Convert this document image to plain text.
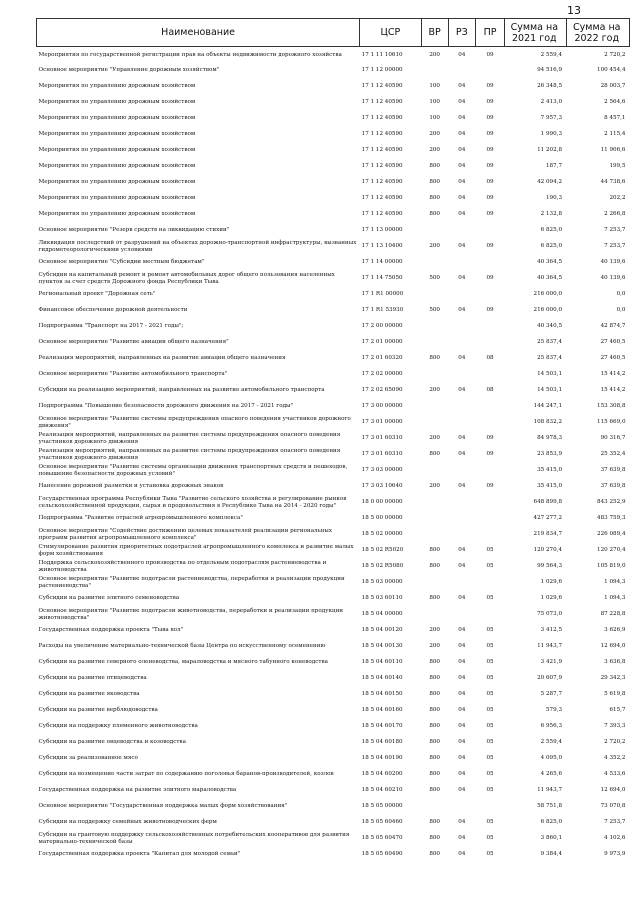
13
Наименование	ЦСР	ВР	РЗ	ПР	Сумма на 2021 год	Сумма на 2022 год
Мероприятия по государственной регистрации прав на объекты недвижимости дорожного хозяйства	17 1 11 10610	200	04	09	2 559,4	2 720,2
Основное мероприятие "Управление дорожным хозяйством"	17 1 12 00000				94 516,9	100 454,4
Мероприятия по управлению дорожным хозяйством	17 1 12 40590	100	04	09	26 348,5	28 003,7
Мероприятия по управлению дорожным хозяйством	17 1 12 40590	100	04	09	2 413,0	2 564,6
Мероприятия по управлению дорожным хозяйством	17 1 12 40590	100	04	09	7 957,3	8 457,1
Мероприятия по управлению дорожным хозяйством	17 1 12 40590	200	04	09	1 990,3	2 115,4
Мероприятия по управлению дорожным хозяйством	17 1 12 40590	200	04	09	11 202,8	11 906,6
Мероприятия по управлению дорожным хозяйством	17 1 12 40590	800	04	09	187,7	199,5
Мероприятия по управлению дорожным хозяйством	17 1 12 40590	800	04	09	42 094,2	44 738,6
Мероприятия по управлению дорожным хозяйством	17 1 12 40590	800	04	09	190,3	202,2
Мероприятия по управлению дорожным хозяйством	17 1 12 40590	800	04	09	2 132,8	2 266,8
Основное мероприятие "Резерв средств на ликвидацию стихии"	17 1 13 00000				6 825,0	7 253,7
Ликвидация последствий от разрушений на объектах дорожно-транспортной инфраструктуры, вызванных гидрометеорологическими условиями	17 1 13 10400	200	04	09	6 825,0	7 253,7
Основное мероприятие "Субсидии местным бюджетам"	17 1 14 00000				40 364,5	40 139,6
Субсидии на капитальный ремонт и ремонт автомобильных дорог общего пользования населенных пунктов за счет средств Дорожного фонда Республики Тыва	17 1 14 75050	500	04	09	40 364,5	40 139,6
Региональный проект "Дорожная сеть"	17 1 R1 00000				216 000,0	0,0
Финансовое обеспечение дорожной деятельности	17 1 R1 53930	500	04	09	216 000,0	0,0
Подпрограмма "Транспорт на 2017 - 2021 годы";	17 2 00 00000				40 340,5	42 874,7
Основное мероприятие "Развитие авиации общего назначения"	17 2 01 00000				25 837,4	27 460,5
Реализация мероприятий, направленных на развитие авиации общего назначения	17 2 01 60320	800	04	08	25 837,4	27 460,5
Основное мероприятие "Развитие автомобильного транспорта"	17 2 02 00000				14 503,1	15 414,2
Субсидии на реализацию мероприятий, направленных на развитие автомобильного транспорта	17 2 02 65090	200	04	08	14 503,1	15 414,2
Подпрограмма "Повышение безопасности дорожного движения на 2017 - 2021 годы"	17 3 00 00000				144 247,1	153 308,8
Основное мероприятие "Развитие системы предупреждения опасного поведения участников дорожного движения"	17 3 01 00000				108 832,2	115 669,0
Реализация мероприятий, направленных на развитие системы предупреждения опасного поведения участников дорожного движения	17 3 01 60310	200	04	09	84 978,3	90 316,7
Реализация мероприятий, направленных на развитие системы предупреждения опасного поведения участников дорожного движения	17 3 01 60310	800	04	09	23 853,9	25 352,4
Основное мероприятие "Развитие системы организации движения транспортных средств и пешеходов, повышение безопасности дорожных условий"	17 3 03 00000				35 415,0	37 639,8
Нанесение дорожной разметки и установка дорожных знаков	17 3 03 10640	200	04	09	35 415,0	37 639,8
Государственная программа Республики Тыва "Развитие сельского хозяйства и регулирование рынков сельскохозяйственной продукции, сырья и продовольствия в Республике Тыва на 2014 - 2020 годы"	18 0 00 00000				648 899,8	843 252,9
Подпрограмма "Развитие отраслей агропромышленного комплекса"	18 5 00 00000				427 277,2	483 759,3
Основное мероприятие "Содействие достижению целевых показателей реализации региональных программ развития агропромышленного комплекса"	18 5 02 00000				219 834,7	226 089,4
Стимулирование развития приоритетных подотраслей агропромышленного комплекса и развитие малых форм хозяйствования	18 5 02 R5020	800	04	05	120 270,4	120 270,4
Поддержка сельскохозяйственного производства по отдельным подотраслям растениеводства и животноводства	18 5 02 R5080	800	04	05	99 564,3	105 819,0
Основное мероприятие "Развитие подотрасли растениеводства, переработки и реализации продукции растениеводства"	18 5 03 00000				1 029,6	1 094,3
Субсидии на развитие элитного семеноводства	18 5 03 60110	800	04	05	1 029,6	1 094,3
Основное мероприятие "Развитие подотрасли животноводства, переработки и реализации продукции животноводства"	18 5 04 00000				75 073,0	87 228,8
Государственная поддержка проекта "Тыва вол"	18 5 04 00120	200	04	05	3 412,5	3 626,9
Расходы на увеличение материально-технической базы Центра по искусственному осеменению	18 5 04 00130	200	04	05	11 943,7	12 694,0
Субсидии на развитие северного оленеводства, мараловодства и мясного табунного коневодства	18 5 04 60110	800	04	05	3 421,9	3 636,8
Субсидии на развитие птицеводства	18 5 04 60140	800	04	05	20 607,9	29 342,3
Субсидии на развитие яководства	18 5 04 60150	800	04	05	5 287,7	5 619,8
Субсидии на развитие верблюдоводства	18 5 04 60160	800	04	05	579,3	615,7
Субсидии на поддержку племенного животноводства	18 5 04 60170	800	04	05	6 956,3	7 393,3
Субсидии на развитие овцеводства и козоводства	18 5 04 60180	800	04	05	2 559,4	2 720,2
Субсидии за реализованное мясо	18 5 04 60190	800	04	05	4 095,0	4 352,2
Субсидии на возмещение части затрат по содержанию поголовья баранов-производителей, козлов	18 5 04 60200	800	04	05	4 265,6	4 533,6
Государственная поддержка на развитие элитного мараловодства	18 5 04 60210	800	04	05	11 943,7	12 694,0
Основное мероприятие "Государственная поддержка малых форм хозяйствования"	18 5 05 00000				58 751,8	73 070,8
Субсидии на поддержку семейных животноводческих ферм	18 5 05 60460	800	04	05	6 825,0	7 253,7
Субсидии на грантовую поддержку сельскохозяйственных потребительских кооперативов для развития материально-технической базы	18 5 05 60470	800	04	05	3 860,1	4 102,6
Государственная поддержка проекта "Капитал для молодой семьи"	18 5 05 60490	800	04	05	9 384,4	9 973,9
